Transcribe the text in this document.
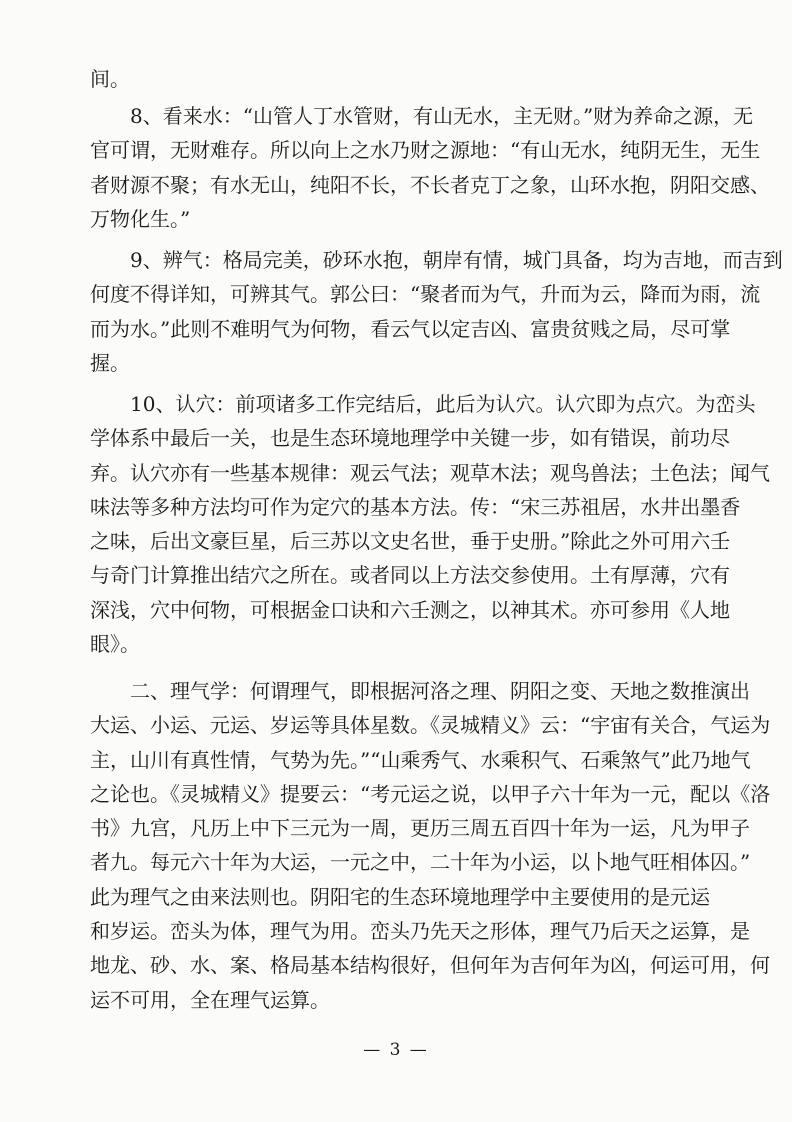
间。
　　8、看来水：“山管人丁水管财，有山无水，主无财。”财为养命之源，无
官可谓，无财难存。所以向上之水乃财之源地：“有山无水，纯阴无生，无生
者财源不聚；有水无山，纯阳不长，不长者克丁之象，山环水抱，阴阳交感、
万物化生。”
　　9、辨气：格局完美，砂环水抱，朝岸有情，城门具备，均为吉地，而吉到
何度不得详知，可辨其气。郭公曰：“聚者而为气，升而为云，降而为雨，流
而为水。”此则不难明气为何物，看云气以定吉凶、富贵贫贱之局，尽可掌
握。
　　10、认穴：前项诸多工作完结后，此后为认穴。认穴即为点穴。为峦头
学体系中最后一关，也是生态环境地理学中关键一步，如有错误，前功尽
弃。认穴亦有一些基本规律：观云气法；观草木法；观鸟兽法；土色法；闻气
味法等多种方法均可作为定穴的基本方法。传：“宋三苏祖居，水井出墨香
之味，后出文豪巨星，后三苏以文史名世，垂于史册。”除此之外可用六壬
与奇门计算推出结穴之所在。或者同以上方法交参使用。土有厚薄，穴有
深浅，穴中何物，可根据金口诀和六壬测之，以神其术。亦可参用《人地
眼》。
　　二、理气学：何谓理气，即根据河洛之理、阴阳之变、天地之数推演出
大运、小运、元运、岁运等具体星数。《灵城精义》云：“宇宙有关合，气运为
主，山川有真性情，气势为先。”“山乘秀气、水乘积气、石乘煞气”此乃地气
之论也。《灵城精义》提要云：“考元运之说，以甲子六十年为一元，配以《洛
书》九宫，凡历上中下三元为一周，更历三周五百四十年为一运，凡为甲子
者九。每元六十年为大运，一元之中，二十年为小运，以卜地气旺相体囚。”
此为理气之由来法则也。阴阳宅的生态环境地理学中主要使用的是元运
和岁运。峦头为体，理气为用。峦头乃先天之形体，理气乃后天之运算，是
地龙、砂、水、案、格局基本结构很好，但何年为吉何年为凶，何运可用，何
运不可用，全在理气运算。
— 3 —
